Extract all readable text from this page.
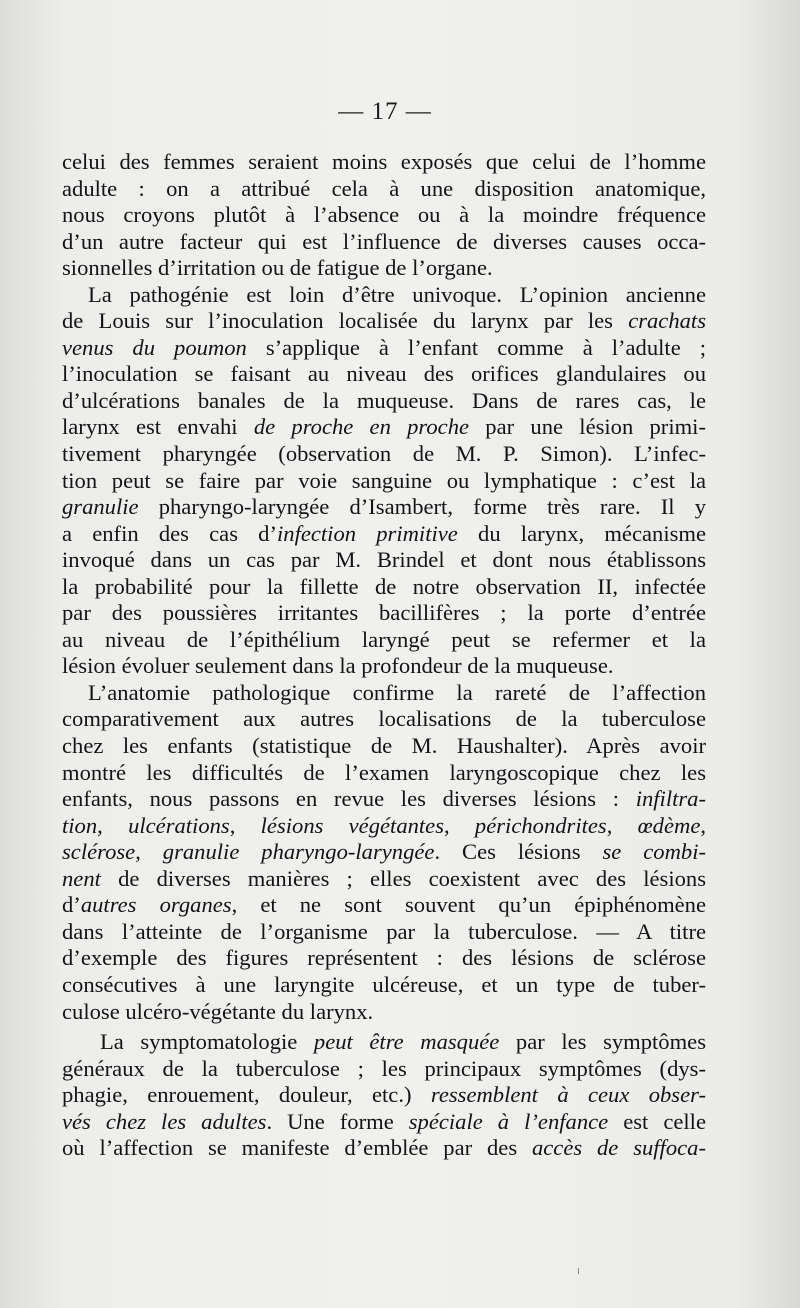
— 17 —
celui des femmes seraient moins exposés que celui de l’homme
adulte : on a attribué cela à une disposition anatomique,
nous croyons plutôt à l’absence ou à la moindre fréquence
d’un autre facteur qui est l’influence de diverses causes occa-
sionnelles d’irritation ou de fatigue de l’organe.
La pathogénie est loin d’être univoque. L’opinion ancienne
de Louis sur l’inoculation localisée du larynx par les crachats
venus du poumon s’applique à l’enfant comme à l’adulte ;
l’inoculation se faisant au niveau des orifices glandulaires ou
d’ulcérations banales de la muqueuse. Dans de rares cas, le
larynx est envahi de proche en proche par une lésion primi-
tivement pharyngée (observation de M. P. Simon). L’infec-
tion peut se faire par voie sanguine ou lymphatique : c’est la
granulie pharyngo-laryngée d’Isambert, forme très rare. Il y
a enfin des cas d’infection primitive du larynx, mécanisme
invoqué dans un cas par M. Brindel et dont nous établissons
la probabilité pour la fillette de notre observation II, infectée
par des poussières irritantes bacillifères ; la porte d’entrée
au niveau de l’épithélium laryngé peut se refermer et la
lésion évoluer seulement dans la profondeur de la muqueuse.
L’anatomie pathologique confirme la rareté de l’affection
comparativement aux autres localisations de la tuberculose
chez les enfants (statistique de M. Haushalter). Après avoir
montré les difficultés de l’examen laryngoscopique chez les
enfants, nous passons en revue les diverses lésions : infiltra-
tion, ulcérations, lésions végétantes, périchondrites, œdème,
sclérose, granulie pharyngo-laryngée. Ces lésions se combi-
nent de diverses manières ; elles coexistent avec des lésions
d’autres organes, et ne sont souvent qu’un épiphénomène
dans l’atteinte de l’organisme par la tuberculose. — A titre
d’exemple des figures représentent : des lésions de sclérose
consécutives à une laryngite ulcéreuse, et un type de tuber-
culose ulcéro-végétante du larynx.
La symptomatologie peut être masquée par les symptômes
généraux de la tuberculose ; les principaux symptômes (dys-
phagie, enrouement, douleur, etc.) ressemblent à ceux obser-
vés chez les adultes. Une forme spéciale à l’enfance est celle
où l’affection se manifeste d’emblée par des accès de suffoca-
